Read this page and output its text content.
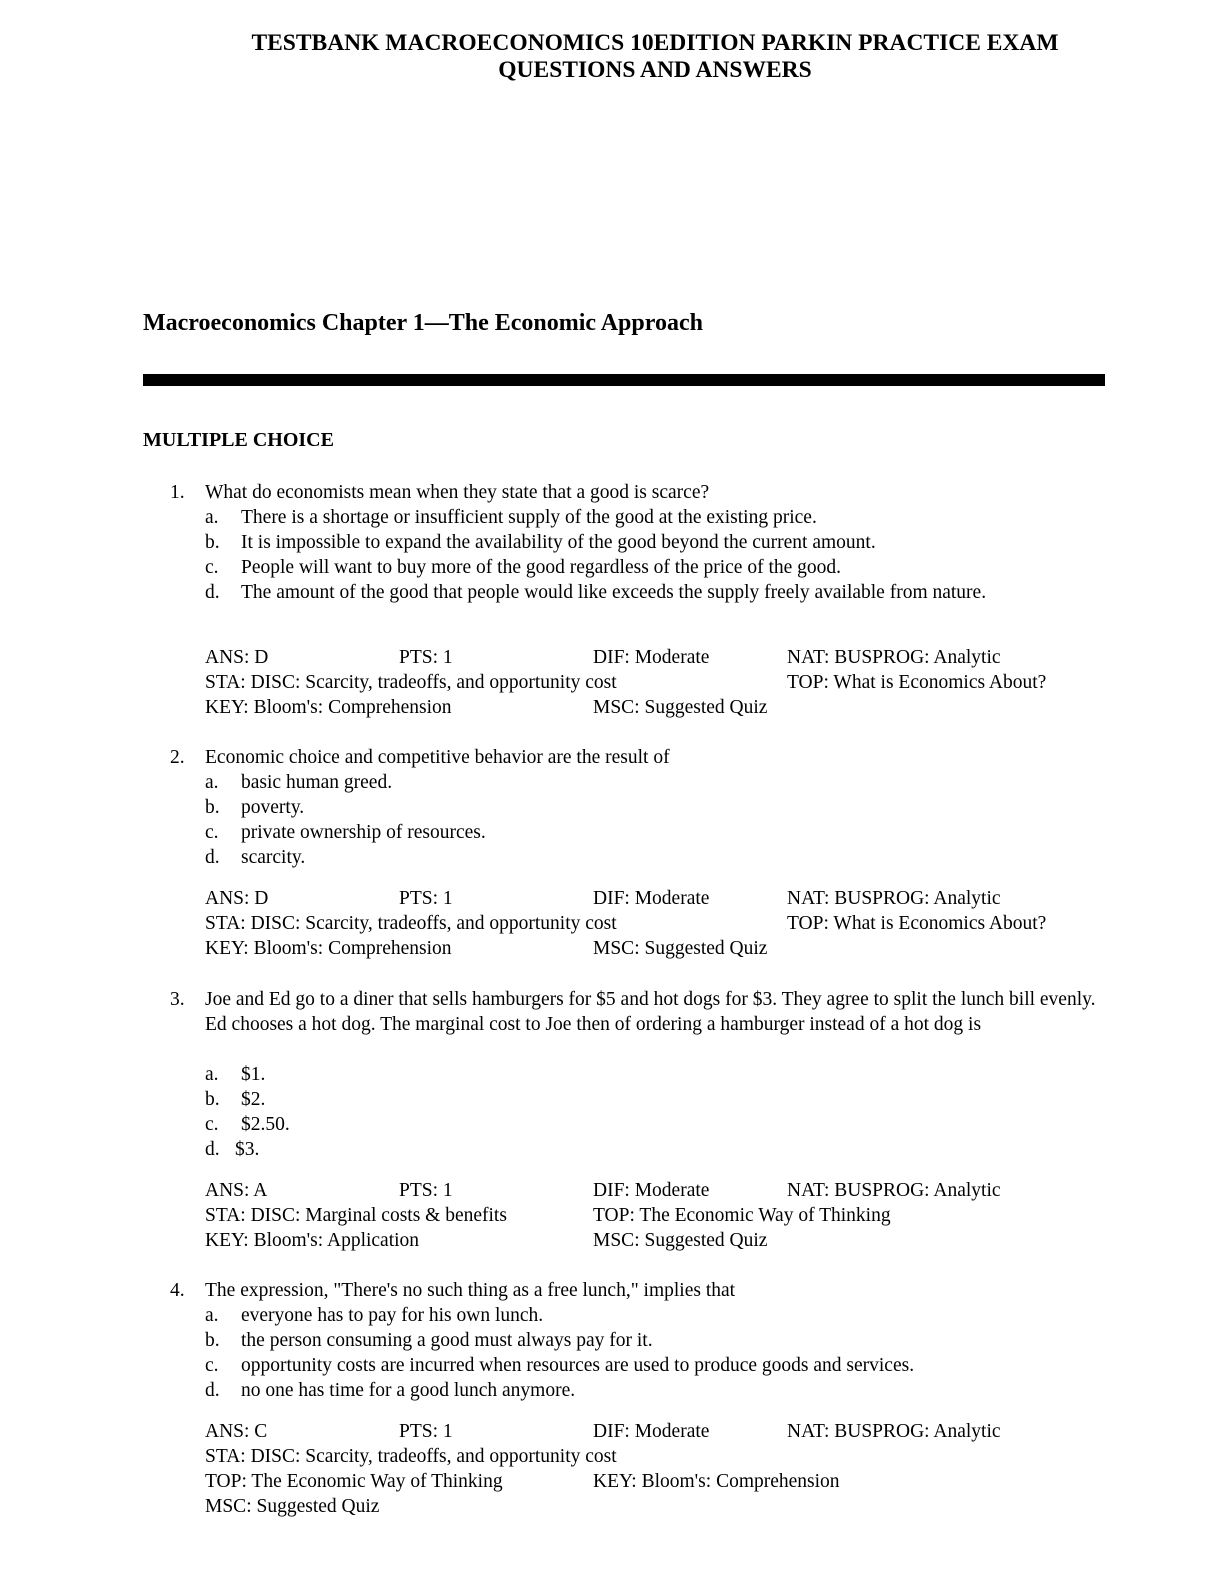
TESTBANK MACROECONOMICS 10EDITION PARKIN PRACTICE EXAM
QUESTIONS AND ANSWERS
Macroeconomics Chapter 1—The Economic Approach
MULTIPLE CHOICE
1. What do economists mean when they state that a good is scarce?
a. There is a shortage or insufficient supply of the good at the existing price.
b. It is impossible to expand the availability of the good beyond the current amount.
c. People will want to buy more of the good regardless of the price of the good.
d. The amount of the good that people would like exceeds the supply freely available from nature.
ANS: D	PTS: 1	DIF: Moderate	NAT: BUSPROG: Analytic
STA: DISC: Scarcity, tradeoffs, and opportunity cost	TOP: What is Economics About?
KEY: Bloom's: Comprehension	MSC: Suggested Quiz
2. Economic choice and competitive behavior are the result of
a. basic human greed.
b. poverty.
c. private ownership of resources.
d. scarcity.
ANS: D	PTS: 1	DIF: Moderate	NAT: BUSPROG: Analytic
STA: DISC: Scarcity, tradeoffs, and opportunity cost	TOP: What is Economics About?
KEY: Bloom's: Comprehension	MSC: Suggested Quiz
3. Joe and Ed go to a diner that sells hamburgers for $5 and hot dogs for $3. They agree to split the lunch bill evenly. Ed chooses a hot dog. The marginal cost to Joe then of ordering a hamburger instead of a hot dog is
a. $1.
b. $2.
c. $2.50.
d. $3.
ANS: A	PTS: 1	DIF: Moderate	NAT: BUSPROG: Analytic
STA: DISC: Marginal costs & benefits	TOP: The Economic Way of Thinking
KEY: Bloom's: Application	MSC: Suggested Quiz
4. The expression, "There's no such thing as a free lunch," implies that
a. everyone has to pay for his own lunch.
b. the person consuming a good must always pay for it.
c. opportunity costs are incurred when resources are used to produce goods and services.
d. no one has time for a good lunch anymore.
ANS: C	PTS: 1	DIF: Moderate	NAT: BUSPROG: Analytic
STA: DISC: Scarcity, tradeoffs, and opportunity cost
TOP: The Economic Way of Thinking	KEY: Bloom's: Comprehension
MSC: Suggested Quiz
